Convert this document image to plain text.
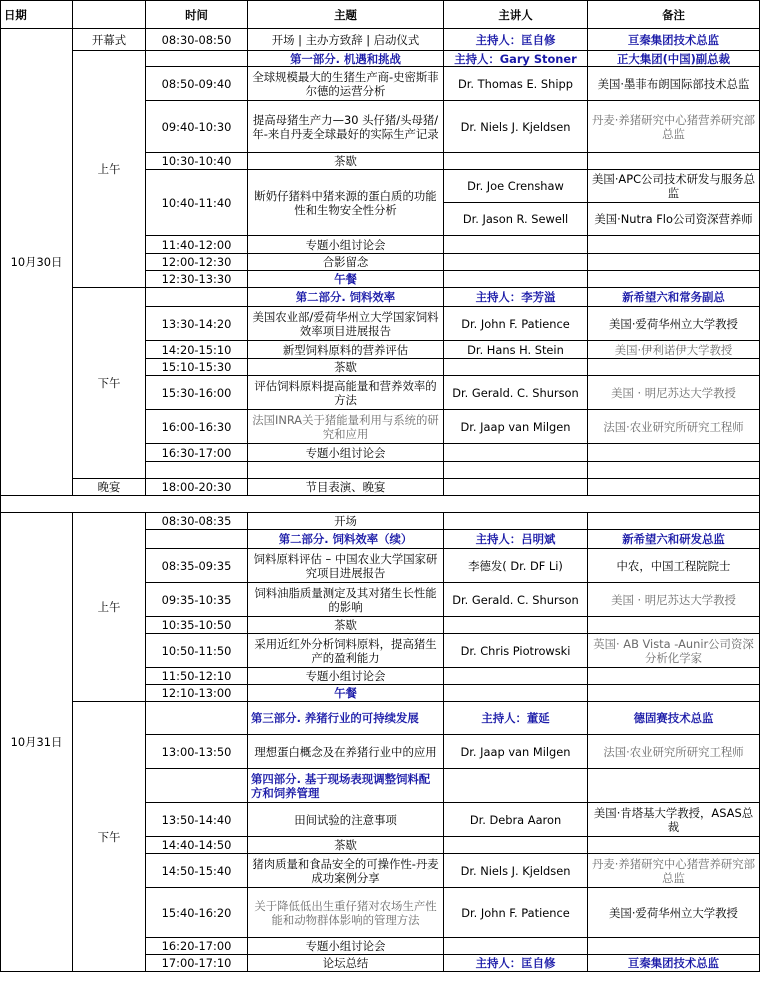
日期		时间	主题	主讲人	备注
10月30日	开幕式	08:30-08:50	开场 | 主办方致辞 | 启动仪式	主持人：匡自修	亘秦集团技术总监
	上午		第一部分. 机遇和挑战	主持人：Gary Stoner	正大集团(中国)副总裁
		08:50-09:40	全球规模最大的生猪生产商-史密斯菲尔德的运营分析	Dr. Thomas E. Shipp	美国·墨菲布朗国际部技术总监
		09:40-10:30	提高母猪生产力—30 头仔猪/头母猪/年-来自丹麦全球最好的实际生产记录	Dr. Niels J. Kjeldsen	丹麦·养猪研究中心猪营养研究部总监
		10:30-10:40	茶歇		
		10:40-11:40	断奶仔猪料中猪来源的蛋白质的功能性和生物安全性分析	Dr. Joe Crenshaw	美国·APC公司技术研发与服务总监
				Dr. Jason R. Sewell	美国·Nutra Flo公司资深营养师
		11:40-12:00	专题小组讨论会		
		12:00-12:30	合影留念		
		12:30-13:30	午餐		
	下午		第二部分. 饲料效率	主持人：李芳溢	新希望六和常务副总
		13:30-14:20	美国农业部/爱荷华州立大学国家饲料效率项目进展报告	Dr. John F. Patience	美国·爱荷华州立大学教授
		14:20-15:10	新型饲料原料的营养评估	Dr. Hans H. Stein	美国·伊利诺伊大学教授
		15:10-15:30	茶歇		
		15:30-16:00	评估饲料原料提高能量和营养效率的方法	Dr. Gerald. C. Shurson	美国 · 明尼苏达大学教授
		16:00-16:30	法国INRA关于猪能量利用与系统的研究和应用	Dr. Jaap van Milgen	法国·农业研究所研究工程师
		16:30-17:00	专题小组讨论会		

	晚宴	18:00-20:30	节目表演、晚宴		

10月31日	上午	08:30-08:35	开场		
			第二部分. 饲料效率（续）	主持人：吕明斌	新希望六和研发总监
		08:35-09:35	饲料原料评估 – 中国农业大学国家研究项目进展报告	李德发( Dr. DF Li)	中农，中国工程院院士
		09:35-10:35	饲料油脂质量测定及其对猪生长性能的影响	Dr. Gerald. C. Shurson	美国 · 明尼苏达大学教授
		10:35-10:50	茶歇		
		10:50-11:50	采用近红外分析饲料原料，提高猪生产的盈利能力	Dr. Chris Piotrowski	英国· AB Vista -Aunir公司资深分析化学家
		11:50-12:10	专题小组讨论会		
		12:10-13:00	午餐		
	下午		第三部分. 养猪行业的可持续发展	主持人：董延	德固赛技术总监
		13:00-13:50	理想蛋白概念及在养猪行业中的应用	Dr. Jaap van Milgen	法国·农业研究所研究工程师
			第四部分. 基于现场表现调整饲料配方和饲养管理		
		13:50-14:40	田间试验的注意事项	Dr. Debra Aaron	美国·肯塔基大学教授，ASAS总裁
		14:40-14:50	茶歇		
		14:50-15:40	猪肉质量和食品安全的可操作性-丹麦成功案例分享	Dr. Niels J. Kjeldsen	丹麦·养猪研究中心猪营养研究部总监
		15:40-16:20	关于降低低出生重仔猪对农场生产性能和动物群体影响的管理方法	Dr. John F. Patience	美国·爱荷华州立大学教授
		16:20-17:00	专题小组讨论会		
		17:00-17:10	论坛总结	主持人：匡自修	亘秦集团技术总监
